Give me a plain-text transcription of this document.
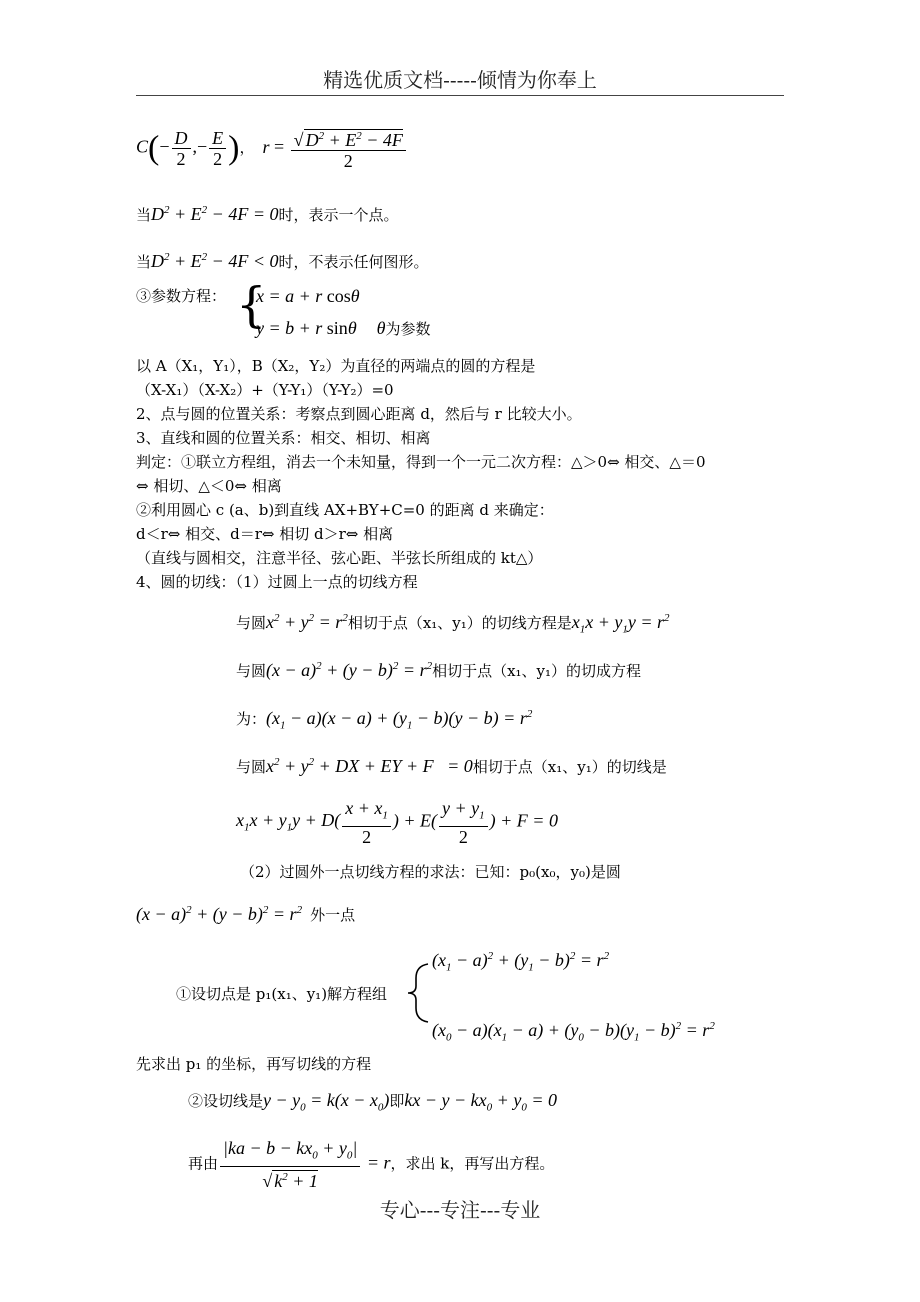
精选优质文档-----倾情为你奉上
$C(- \frac{D}{2}$ ,− $\frac{E}{2}$ )， $r = \frac{√ D^2 + E^2 - 4F}{2}$
当$D^2 + E^2 - 4F = 0$时，表示一个点。
当$D^2 + E^2 - 4F < 0$时，不表示任何图形。
③参数方程： {
x = a + r cosθ
y = b + r sinθ θ为参数
以 A（X₁，Y₁），B（X₂，Y₂）为直径的两端点的圆的方程是
（X-X₁）（X-X₂）+（Y-Y₁）（Y-Y₂）=0
2、点与圆的位置关系：考察点到圆心距离 d，然后与 r 比较大小。
3、直线和圆的位置关系：相交、相切、相离
判定：①联立方程组，消去一个未知量，得到一个一元二次方程：△＞0⇔ 相交、△＝0
⇔ 相切、△＜0⇔ 相离
②利用圆心 c (a、b)到直线 AX+BY+C=0 的距离 d 来确定：
d＜r⇔ 相交、d＝r⇔ 相切 d＞r⇔ 相离
（直线与圆相交，注意半径、弦心距、半弦长所组成的 kt△）
4、圆的切线：（1）过圆上一点的切线方程
与圆$x^2 + y^2 = r^2$相切于点（x₁、y₁）的切线方程是$x_1x + y_1y = r^2$
与圆$(x - a)^2 + (y - b)^2 = r^2$相切于点（x₁、y₁）的切成方程
为：$(x_1 - a)(x - a) + (y_1 - b)(y - b) = r^2$
与圆$x^2 + y^2$ + DX + EY + F   = 0相切于点（x₁、y₁）的切线是
$x_1x + y_1y + D( \frac{x + x_1}{2}$ ) + $E( \frac{y + y_1}{2}$ ) + F = 0
（2）过圆外一点切线方程的求法：已知：p₀(x₀，y₀)是圆
$(x - a)^2 + (y - b)^2 = r^2$ 外一点
$(x_1 - a)^2 + (y_1 - b)^2 = r^2$
①设切点是 p₁(x₁、y₁)解方程组
$(x_0 - a)(x_1 - a) + (y_0 - b)(y_1 - b)^2 = r^2$
先求出 p₁ 的坐标，再写切线的方程
②设切线是$y - y_0 = k(x - x_0)$即kx − $y - kx_0 + y_0 = 0$
再由 $\frac{|ka - b - kx_0 + y_0|}{√ k^2 + 1} = r$，求出 k，再写出方程。
专心---专注---专业
